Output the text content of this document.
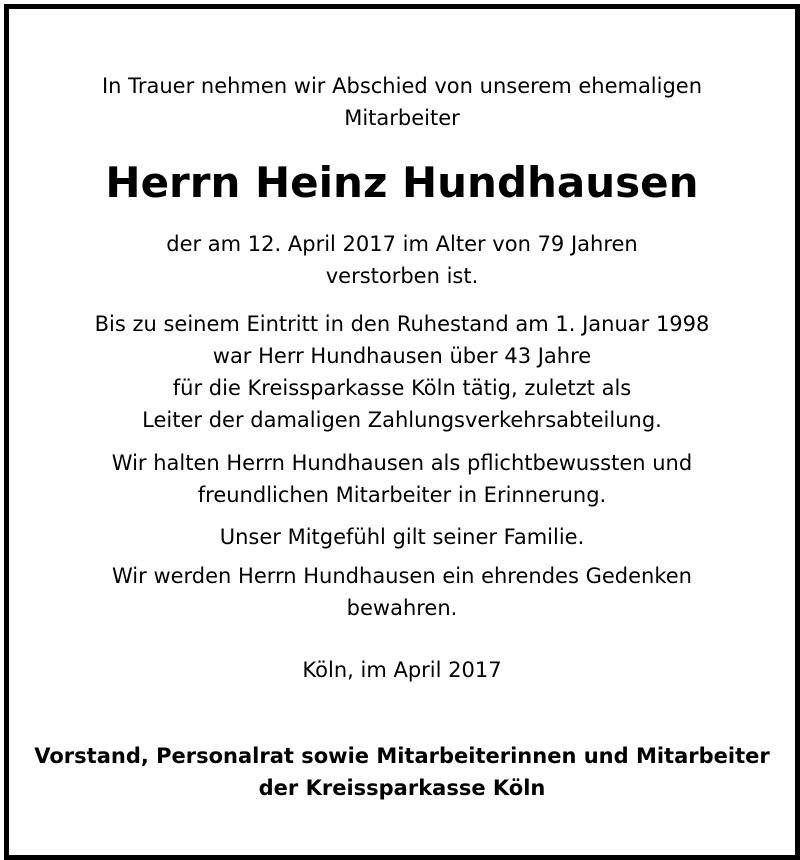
In Trauer nehmen wir Abschied von unserem ehemaligen
Mitarbeiter
Herrn Heinz Hundhausen
der am 12. April 2017 im Alter von 79 Jahren
verstorben ist.
Bis zu seinem Eintritt in den Ruhestand am 1. Januar 1998
war Herr Hundhausen über 43 Jahre
für die Kreissparkasse Köln tätig, zuletzt als
Leiter der damaligen Zahlungsverkehrsabteilung.
Wir halten Herrn Hundhausen als pflichtbewussten und
freundlichen Mitarbeiter in Erinnerung.
Unser Mitgefühl gilt seiner Familie.
Wir werden Herrn Hundhausen ein ehrendes Gedenken
bewahren.
Köln, im April 2017
Vorstand, Personalrat sowie Mitarbeiterinnen und Mitarbeiter
der Kreissparkasse Köln
